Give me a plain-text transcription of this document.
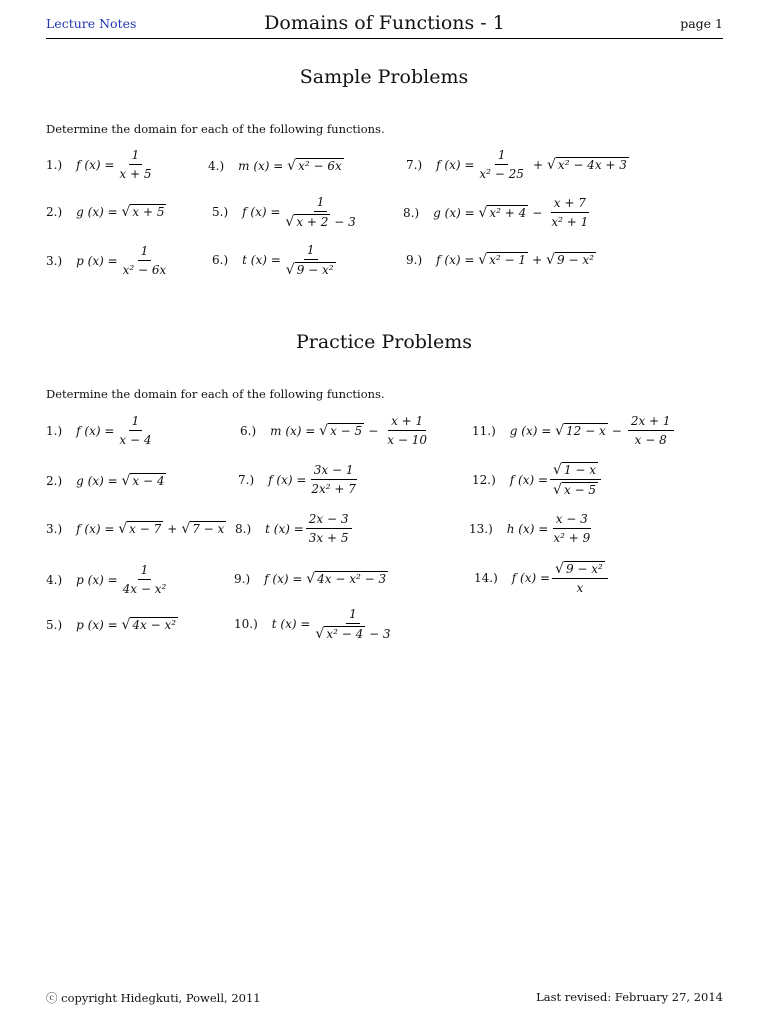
Lecture Notes	Domains of Functions - 1	page 1
Sample Problems
Determine the domain for each of the following functions.
1.) f $(x) = \frac{1}{x + 5}$
2.) g (x) =
√ x + 5
3.) p $(x) = \frac{1}{\text{x² − 6x}}$
4.) m (x) =
√ x² − 6x
5.) f $(x) = \frac{1}{√ x + 2 - 3}$
6.) t $(x) = \frac{1}{\text{√ 9 − x²}}$
7.) f $(x) = \frac{1}{\text{x² − 25}}$ + √ x² − 4x + 3
8.) g (x) =
√ $x^2 + 4 - \frac{x + 7}{\text{x² + 1}}$
9.) f (x) =
√ x² − 1 + √ 9 − x²
Practice Problems
Determine the domain for each of the following functions.
1.) f $(x) = \frac{1}{x - 4}$
2.) g (x) =
√ x − 4
3.) f (x) =
√ x − 7 + √ 7 − x
4.) p $(x) = \frac{1}{\text{4x − x²}}$
5.) p (x) =
√ 4x − x²
6.) m (x) =
√ $x - 5 - \frac{x + 1}{x - 10}$
7.) f $(x) = \frac{3x - 1}{\text{2x² + 7}}$
8.) t $(x) = \frac{2x - 3}{3x + 5}$
9.) f (x) =
√ 4x − x² − 3
10.) t $(x) = \frac{1}{\text{√ x² − 4 − 3}}$
11.) g (x) =
√ $12 - x - \frac{2x + 1}{x - 8}$
12.) f $(x) = \frac{√ 1 - x}{√ x - 5}$
13.) h $(x) = \frac{x - 3}{\text{x² + 9}}$
14.) f $(x) = \frac{\text{√ 9 − x²}}{x}$
ⓒ copyright Hidegkuti, Powell, 2011	Last revised: February 27, 2014
